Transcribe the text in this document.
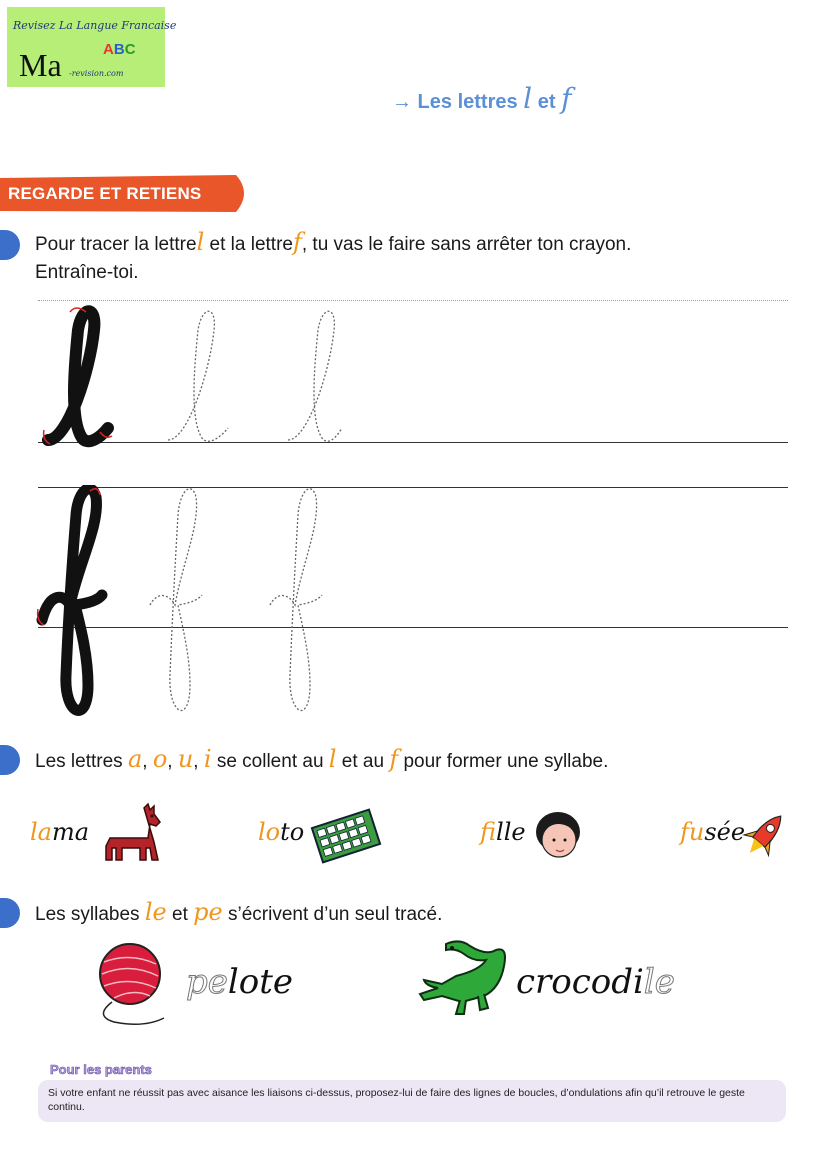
Revisez La Langue Francaise
Ma	ABC
-revision.com
→ Les lettres l et f
REGARDE ET RETIENS
Pour tracer la lettrel et la lettref, tu vas le faire sans arrêter ton crayon.
Entraîne-toi.
Les lettres a, o, u, i se collent au l et au f pour former une syllabe.
lama	loto	fille	fusée
Les syllabes le et pe s’écrivent d’un seul tracé.
pelote	crocodile
Pour les parents
Si votre enfant ne réussit pas avec aisance les liaisons ci-dessus, proposez-lui de faire des lignes de boucles, d’ondulations afin qu’il retrouve le geste continu.
